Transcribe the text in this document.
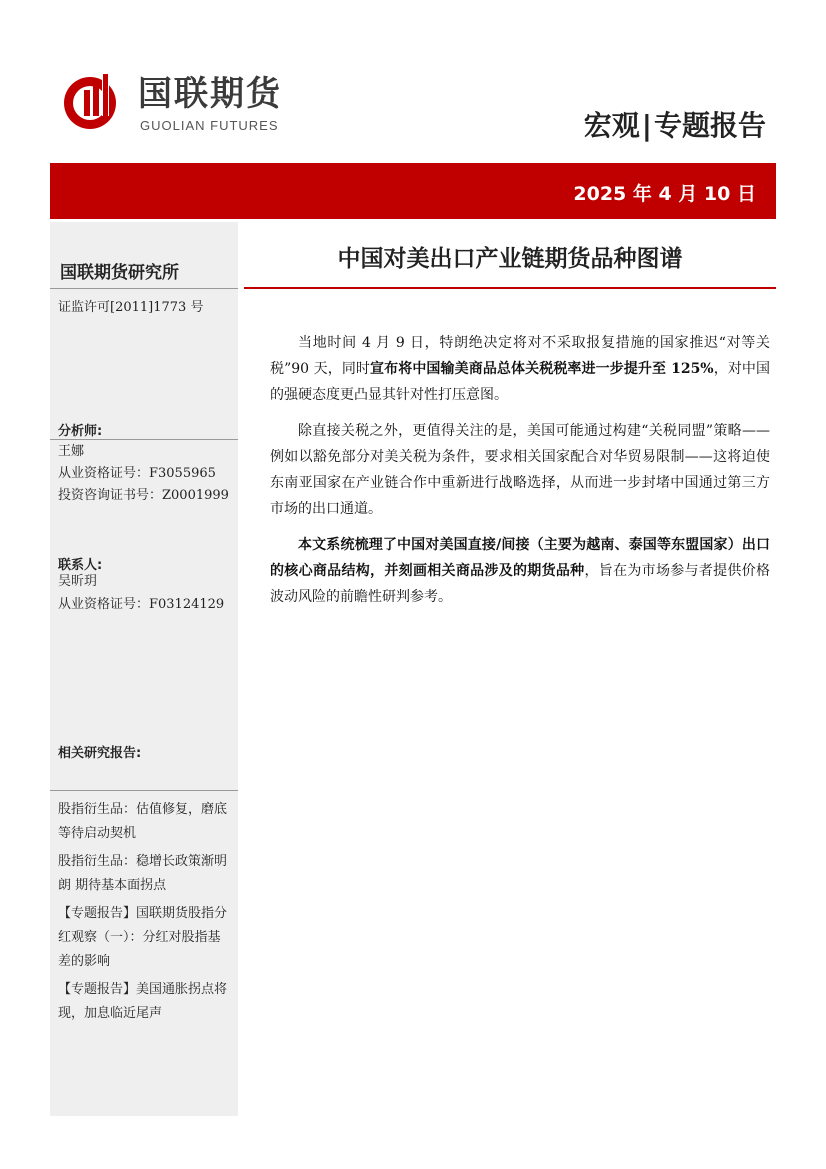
国联期货
GUOLIAN FUTURES	宏观|专题报告
2025 年 4 月 10 日
国联期货研究所
证监许可[2011]1773 号
分析师:
王娜
从业资格证号：F3055965
投资咨询证书号：Z0001999
联系人:
吴昕玥
从业资格证号：F03124129
相关研究报告:
股指衍生品：估值修复，磨底等待启动契机
股指衍生品：稳增长政策渐明朗 期待基本面拐点
【专题报告】国联期货股指分红观察（一）：分红对股指基差的影响
【专题报告】美国通胀拐点将现，加息临近尾声
中国对美出口产业链期货品种图谱

当地时间 4 月 9 日，特朗绝决定将对不采取报复措施的国家推迟“对等关税”90 天，同时宣布将中国输美商品总体关税税率进一步提升至 125%，对中国的强硬态度更凸显其针对性打压意图。

除直接关税之外，更值得关注的是，美国可能通过构建“关税同盟”策略——例如以豁免部分对美关税为条件，要求相关国家配合对华贸易限制——这将迫使东南亚国家在产业链合作中重新进行战略选择，从而进一步封堵中国通过第三方市场的出口通道。

本文系统梳理了中国对美国直接/间接（主要为越南、泰国等东盟国家）出口的核心商品结构，并刻画相关商品涉及的期货品种，旨在为市场参与者提供价格波动风险的前瞻性研判参考。
